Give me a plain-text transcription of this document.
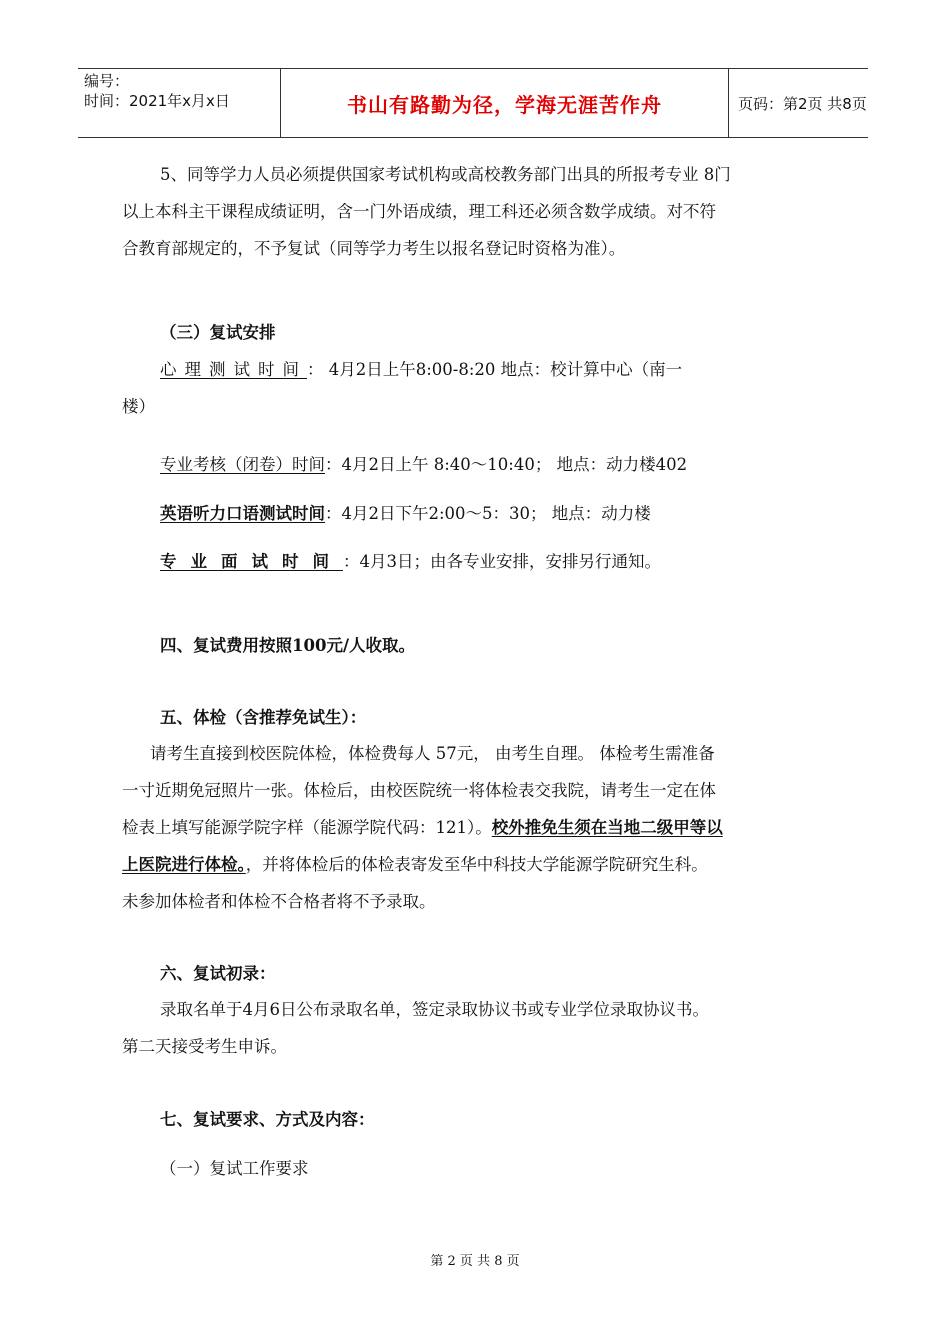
编号：
时间：2021年x月x日	书山有路勤为径，学海无涯苦作舟	页码：第2页 共8页
5、同等学力人员必须提供国家考试机构或高校教务部门出具的所报考专业 8门
以上本科主干课程成绩证明，含一门外语成绩，理工科还必须含数学成绩。对不符
合教育部规定的，不予复试（同等学力考生以报名登记时资格为准）。
（三）复试安排
心理测试时间： 4月2日上午8:00-8:20 地点：校计算中心（南一
楼）
专业考核（闭卷）时间：4月2日上午 8:40～10:40； 地点：动力楼402
英语听力口语测试时间：4月2日下午2:00～5：30； 地点：动力楼
专业面试时间：4月3日；由各专业安排，安排另行通知。
四、复试费用按照100元/人收取。
五、体检（含推荐免试生）：
请考生直接到校医院体检，体检费每人 57元， 由考生自理。 体检考生需准备
一寸近期免冠照片一张。体检后，由校医院统一将体检表交我院，请考生一定在体
检表上填写能源学院字样（能源学院代码：121）。校外推免生须在当地二级甲等以
上医院进行体检。，并将体检后的体检表寄发至华中科技大学能源学院研究生科。
未参加体检者和体检不合格者将不予录取。
六、复试初录：
录取名单于4月6日公布录取名单，签定录取协议书或专业学位录取协议书。
第二天接受考生申诉。
七、复试要求、方式及内容：
（一）复试工作要求
第 2 页 共 8 页
